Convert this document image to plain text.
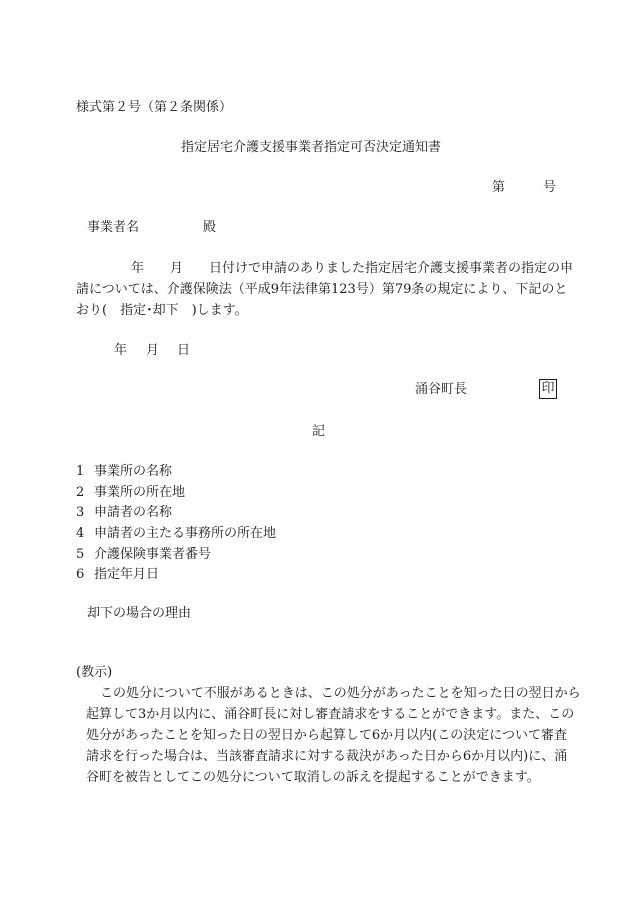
様式第２号（第２条関係）
指定居宅介護支援事業者指定可否決定通知書
第	号
事業者名	殿
年　　月　　日付けで申請のありました指定居宅介護支援事業者の指定の申
請については、介護保険法（平成9年法律第123号）第79条の規定により、下記のと
おり(　指定･却下　)します。
年 月 日
涌谷町長	印
記
1 事業所の名称
2 事業所の所在地
3 申請者の名称
4 申請者の主たる事務所の所在地
5 介護保険事業者番号
6 指定年月日
却下の場合の理由
(教示)
この処分について不服があるときは、この処分があったことを知った日の翌日から
起算して3か月以内に、涌谷町長に対し審査請求をすることができます。また、この
処分があったことを知った日の翌日から起算して6か月以内(この決定について審査
請求を行った場合は、当該審査請求に対する裁決があった日から6か月以内)に、涌
谷町を被告としてこの処分について取消しの訴えを提起することができます。
